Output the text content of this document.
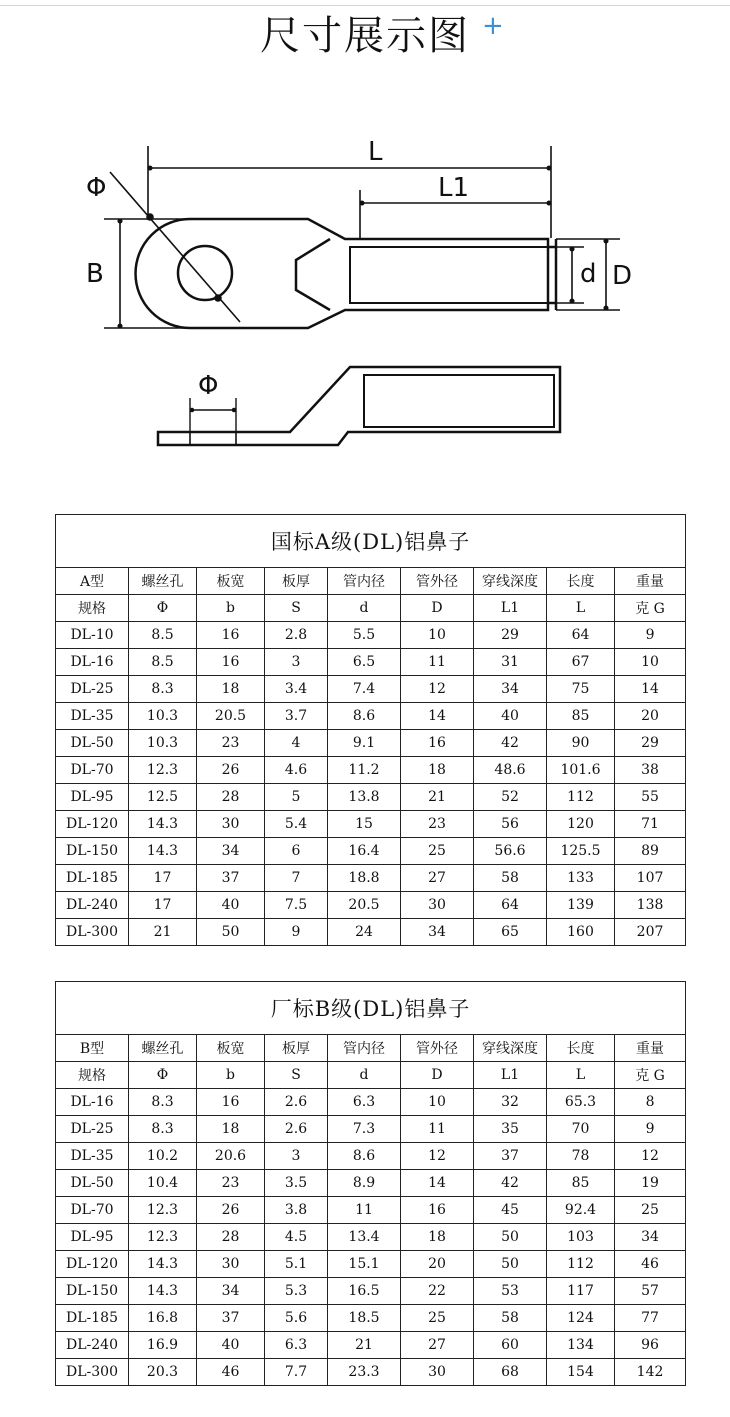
尺寸展示图 +
L
L1
B	d D
Φ
Φ
国标A级(DL)铝鼻子								
A型	螺丝孔	板宽	板厚	管内径	管外径	穿线深度	长度	重量
规格	Φ	b	S	d	D	L1	L	克 G
DL-10	8.5	16	2.8	5.5	10	29	64	9
DL-16	8.5	16	3	6.5	11	31	67	10
DL-25	8.3	18	3.4	7.4	12	34	75	14
DL-35	10.3	20.5	3.7	8.6	14	40	85	20
DL-50	10.3	23	4	9.1	16	42	90	29
DL-70	12.3	26	4.6	11.2	18	48.6	101.6	38
DL-95	12.5	28	5	13.8	21	52	112	55
DL-120	14.3	30	5.4	15	23	56	120	71
DL-150	14.3	34	6	16.4	25	56.6	125.5	89
DL-185	17	37	7	18.8	27	58	133	107
DL-240	17	40	7.5	20.5	30	64	139	138
DL-300	21	50	9	24	34	65	160	207
厂标B级(DL)铝鼻子								
B型	螺丝孔	板宽	板厚	管内径	管外径	穿线深度	长度	重量
规格	Φ	b	S	d	D	L1	L	克 G
DL-16	8.3	16	2.6	6.3	10	32	65.3	8
DL-25	8.3	18	2.6	7.3	11	35	70	9
DL-35	10.2	20.6	3	8.6	12	37	78	12
DL-50	10.4	23	3.5	8.9	14	42	85	19
DL-70	12.3	26	3.8	11	16	45	92.4	25
DL-95	12.3	28	4.5	13.4	18	50	103	34
DL-120	14.3	30	5.1	15.1	20	50	112	46
DL-150	14.3	34	5.3	16.5	22	53	117	57
DL-185	16.8	37	5.6	18.5	25	58	124	77
DL-240	16.9	40	6.3	21	27	60	134	96
DL-300	20.3	46	7.7	23.3	30	68	154	142
